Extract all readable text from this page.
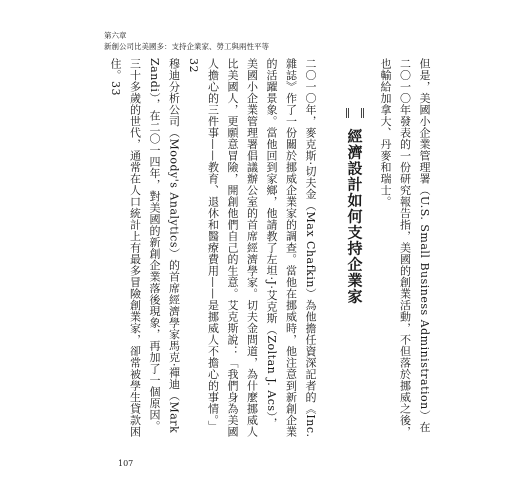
第六章
新創公司比美國多：支持企業家、勞工與兩性平等

但是，美國小企業管理署（U.S. Small Business Administration）在二〇一〇年發表的一份研究報告指，美國的創業活動，不但落於挪威之後，也輸給加拿大、丹麥和瑞士。

經濟設計如何支持企業家

二〇一〇年，麥克斯·切夫金（Max Chafkin）為他擔任資深記者的《Inc. 雜誌》作了一份關於挪威企業家的調查。當他在挪威時，他注意到新創企業的活躍景象。當他回到家鄉，他請教了左坦·J·艾克斯（Zoltan J. Acs），美國小企業管理署倡議辦公室的首席經濟學家。切夫金問道，為什麼挪威人比美國人，更願意冒險，開創他們自己的生意。艾克斯說：「我們身為美國人擔心的三件事——教育、退休和醫療費用——是挪威人不擔心的事情。」32

穆迪分析公司（Moody's Analytics）的首席經濟學家馬克·禪迪（Mark Zandi），在二〇一四年，對美國的新創企業落後現象，再加了一個原因。三十多歲的世代，通常在人口統計上有最多冒險創業家，卻常被學生貸款困住。33

107
